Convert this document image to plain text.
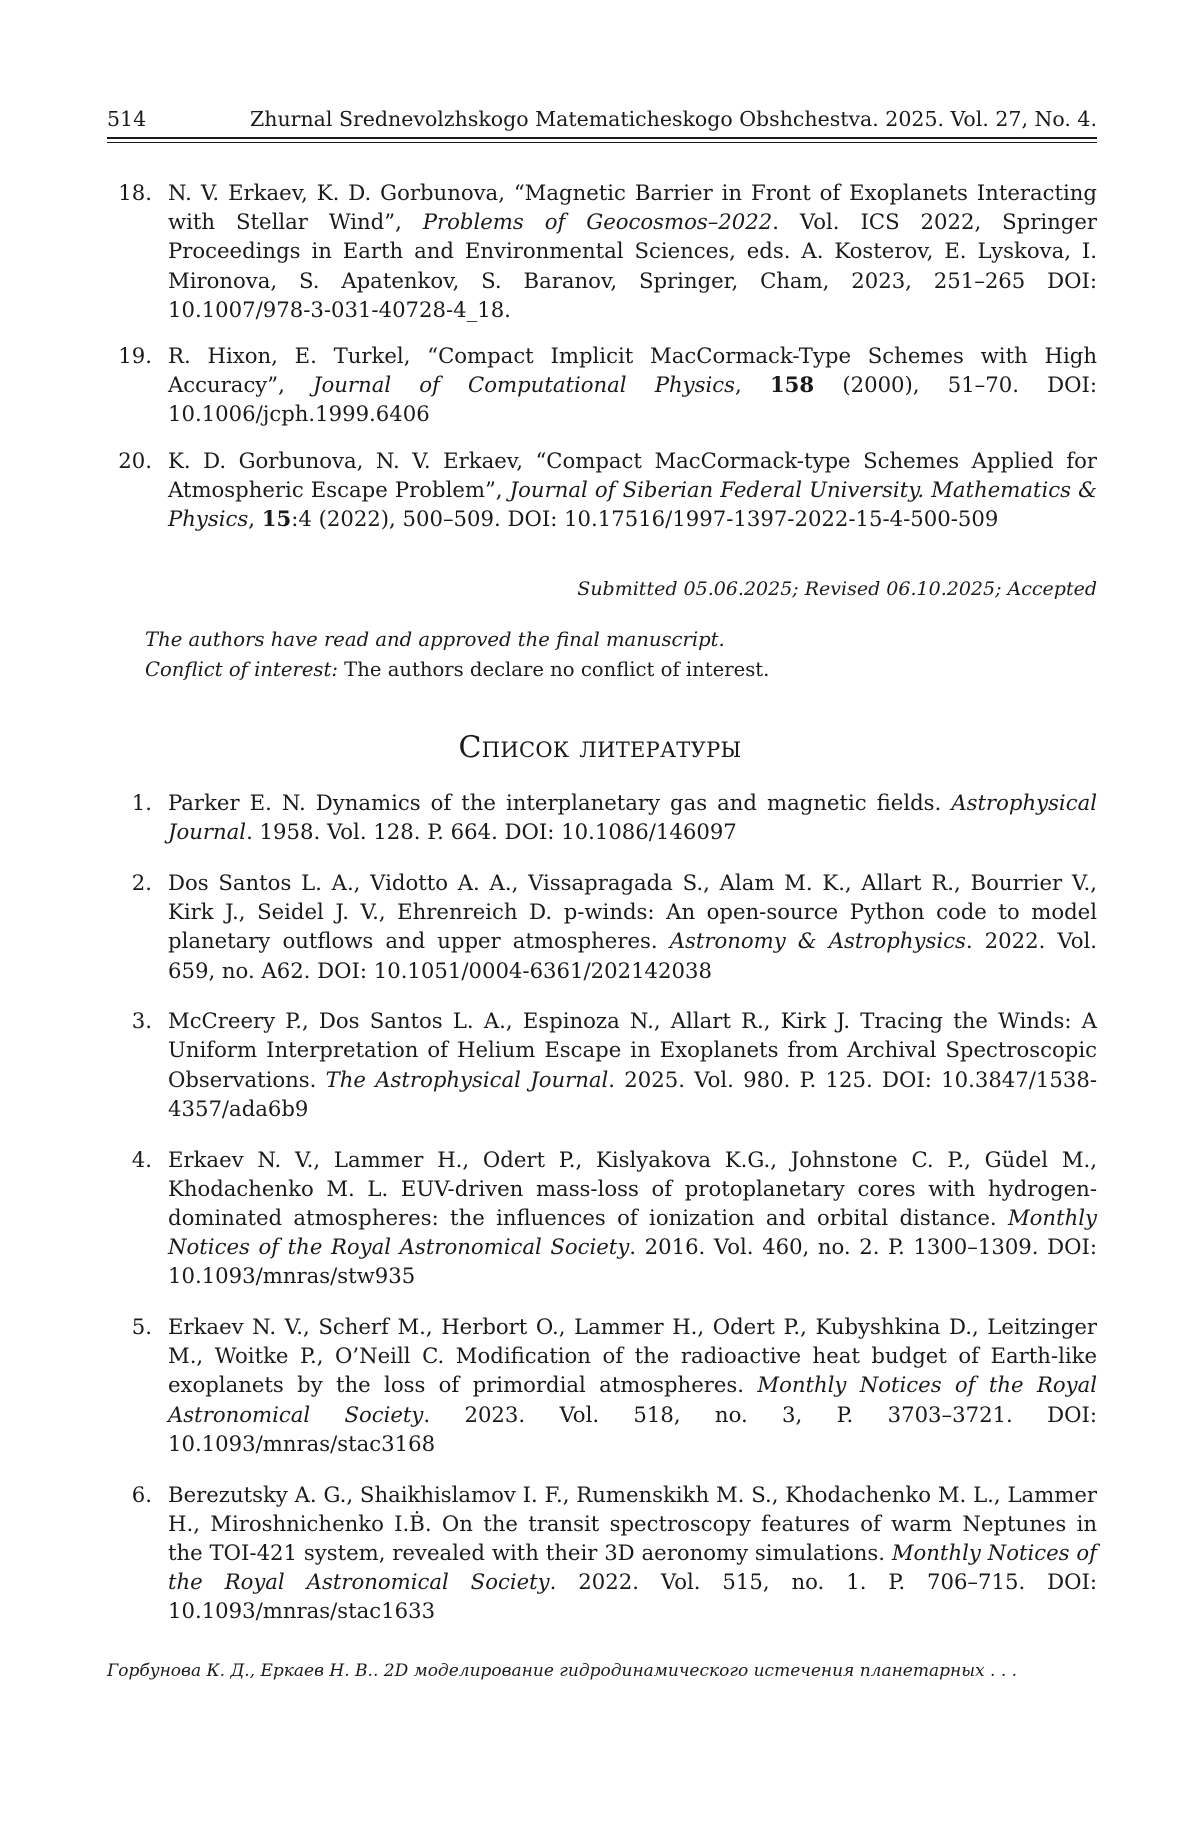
514	Zhurnal Srednevolzhskogo Matematicheskogo Obshchestva. 2025. Vol. 27, No. 4.
18. N. V. Erkaev, K. D. Gorbunova, “Magnetic Barrier in Front of Exoplanets Interacting with Stellar Wind”, Problems of Geocosmos–2022. Vol. ICS 2022, Springer Proceedings in Earth and Environmental Sciences, eds. A. Kosterov, E. Lyskova, I. Mironova, S. Apatenkov, S. Baranov, Springer, Cham, 2023, 251–265 DOI: 10.1007/978-3-031-40728-4_18.
19. R. Hixon, E. Turkel, “Compact Implicit MacCormack-Type Schemes with High Accuracy”, Journal of Computational Physics, 158 (2000), 51–70. DOI: 10.1006/jcph.1999.6406
20. K. D. Gorbunova, N. V. Erkaev, “Compact MacCormack-type Schemes Applied for Atmospheric Escape Problem”, Journal of Siberian Federal University. Mathematics & Physics, 15:4 (2022), 500–509. DOI: 10.17516/1997-1397-2022-15-4-500-509
Submitted 05.06.2025; Revised 06.10.2025; Accepted
The authors have read and approved the final manuscript.
Conflict of interest: The authors declare no conflict of interest.
Список литературы
1. Parker E. N. Dynamics of the interplanetary gas and magnetic fields. Astrophysical Journal. 1958. Vol. 128. P. 664. DOI: 10.1086/146097
2. Dos Santos L. A., Vidotto A. A., Vissapragada S., Alam M. K., Allart R., Bourrier V., Kirk J., Seidel J. V., Ehrenreich D. p-winds: An open-source Python code to model planetary outflows and upper atmospheres. Astronomy & Astrophysics. 2022. Vol. 659, no. A62. DOI: 10.1051/0004-6361/202142038
3. McCreery P., Dos Santos L. A., Espinoza N., Allart R., Kirk J. Tracing the Winds: A Uniform Interpretation of Helium Escape in Exoplanets from Archival Spectroscopic Observations. The Astrophysical Journal. 2025. Vol. 980. P. 125. DOI: 10.3847/1538-4357/ada6b9
4. Erkaev N. V., Lammer H., Odert P., Kislyakova K.G., Johnstone C. P., Güdel M., Khodachenko M. L. EUV-driven mass-loss of protoplanetary cores with hydrogen-dominated atmospheres: the influences of ionization and orbital distance. Monthly Notices of the Royal Astronomical Society. 2016. Vol. 460, no. 2. P. 1300–1309. DOI: 10.1093/mnras/stw935
5. Erkaev N. V., Scherf M., Herbort O., Lammer H., Odert P., Kubyshkina D., Leitzinger M., Woitke P., O’Neill C. Modification of the radioactive heat budget of Earth-like exoplanets by the loss of primordial atmospheres. Monthly Notices of the Royal Astronomical Society. 2023. Vol. 518, no. 3, P. 3703–3721. DOI: 10.1093/mnras/stac3168
6. Berezutsky A. G., Shaikhislamov I. F., Rumenskikh M. S., Khodachenko M. L., Lammer H., Miroshnichenko I.Ḃ. On the transit spectroscopy features of warm Neptunes in the TOI-421 system, revealed with their 3D aeronomy simulations. Monthly Notices of the Royal Astronomical Society. 2022. Vol. 515, no. 1. P. 706–715. DOI: 10.1093/mnras/stac1633
Горбунова К. Д., Еркаев Н. В.. 2D моделирование гидродинамического истечения планетарных . . .
